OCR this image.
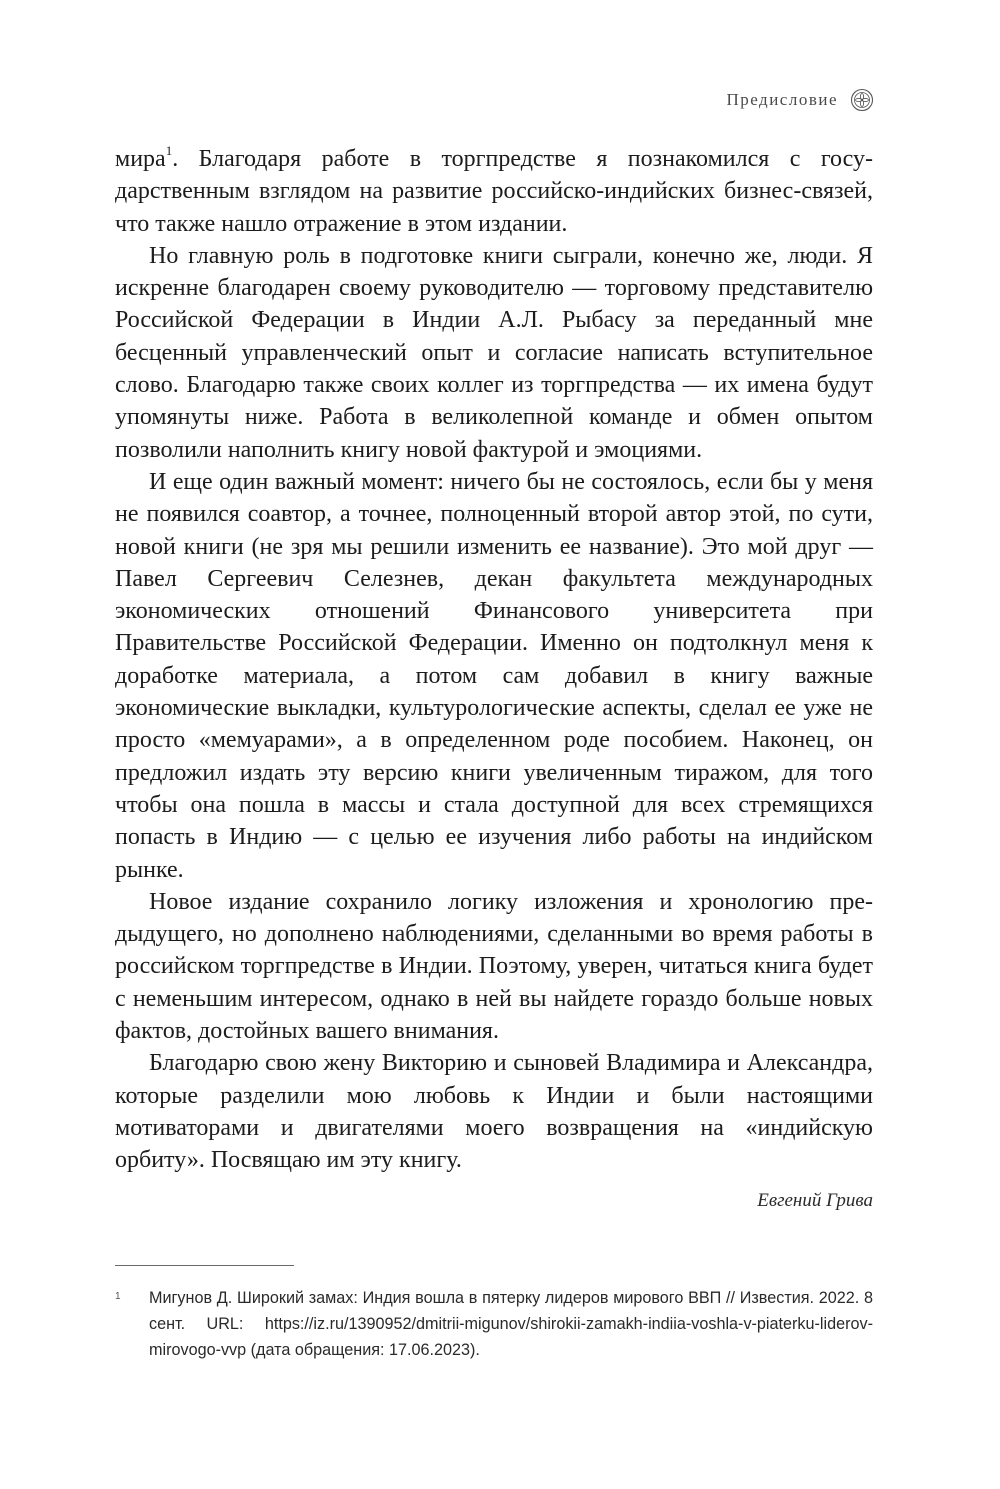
Предисловие

мира$^1$. Благодаря работе в торгпредстве я познакомился с государственным взглядом на развитие российско-индийских бизнес-связей, что также нашло отражение в этом издании.

Но главную роль в подготовке книги сыграли, конечно же, люди. Я искренне благодарен своему руководителю — торговому представителю Российской Федерации в Индии А.Л. Рыбасу за переданный мне бесценный управленческий опыт и согласие написать вступительное слово. Благодарю также своих коллег из торгпредства — их имена будут упомянуты ниже. Работа в великолепной команде и обмен опытом позволили наполнить книгу новой фактурой и эмоциями.

И еще один важный момент: ничего бы не состоялось, если бы у меня не появился соавтор, а точнее, полноценный второй автор этой, по сути, новой книги (не зря мы решили изменить ее название). Это мой друг — Павел Сергеевич Селезнев, декан факультета международных экономических отношений Финансового университета при Правительстве Российской Федерации. Именно он подтолкнул меня к доработке материала, а потом сам добавил в книгу важные экономические выкладки, культурологические аспекты, сделал ее уже не просто «мемуарами», а в определенном роде пособием. Наконец, он предложил издать эту версию книги увеличенным тиражом, для того чтобы она пошла в массы и стала доступной для всех стремящихся попасть в Индию — с целью ее изучения либо работы на индийском рынке.

Новое издание сохранило логику изложения и хронологию предыдущего, но дополнено наблюдениями, сделанными во время работы в российском торгпредстве в Индии. Поэтому, уверен, читаться книга будет с неменьшим интересом, однако в ней вы найдете гораздо больше новых фактов, достойных вашего внимания.

Благодарю свою жену Викторию и сыновей Владимира и Александра, которые разделили мою любовь к Индии и были настоящими мотиваторами и двигателями моего возвращения на «индийскую орбиту». Посвящаю им эту книгу.

Евгений Грива
1 Мигунов Д. Широкий замах: Индия вошла в пятерку лидеров мирового ВВП // Известия. 2022. 8 сент. URL: https://iz.ru/1390952/dmitrii-migunov/shirokii-zamakh-indiia-voshla-v-piaterku-liderov-mirovogo-vvp (дата обращения: 17.06.2023).
